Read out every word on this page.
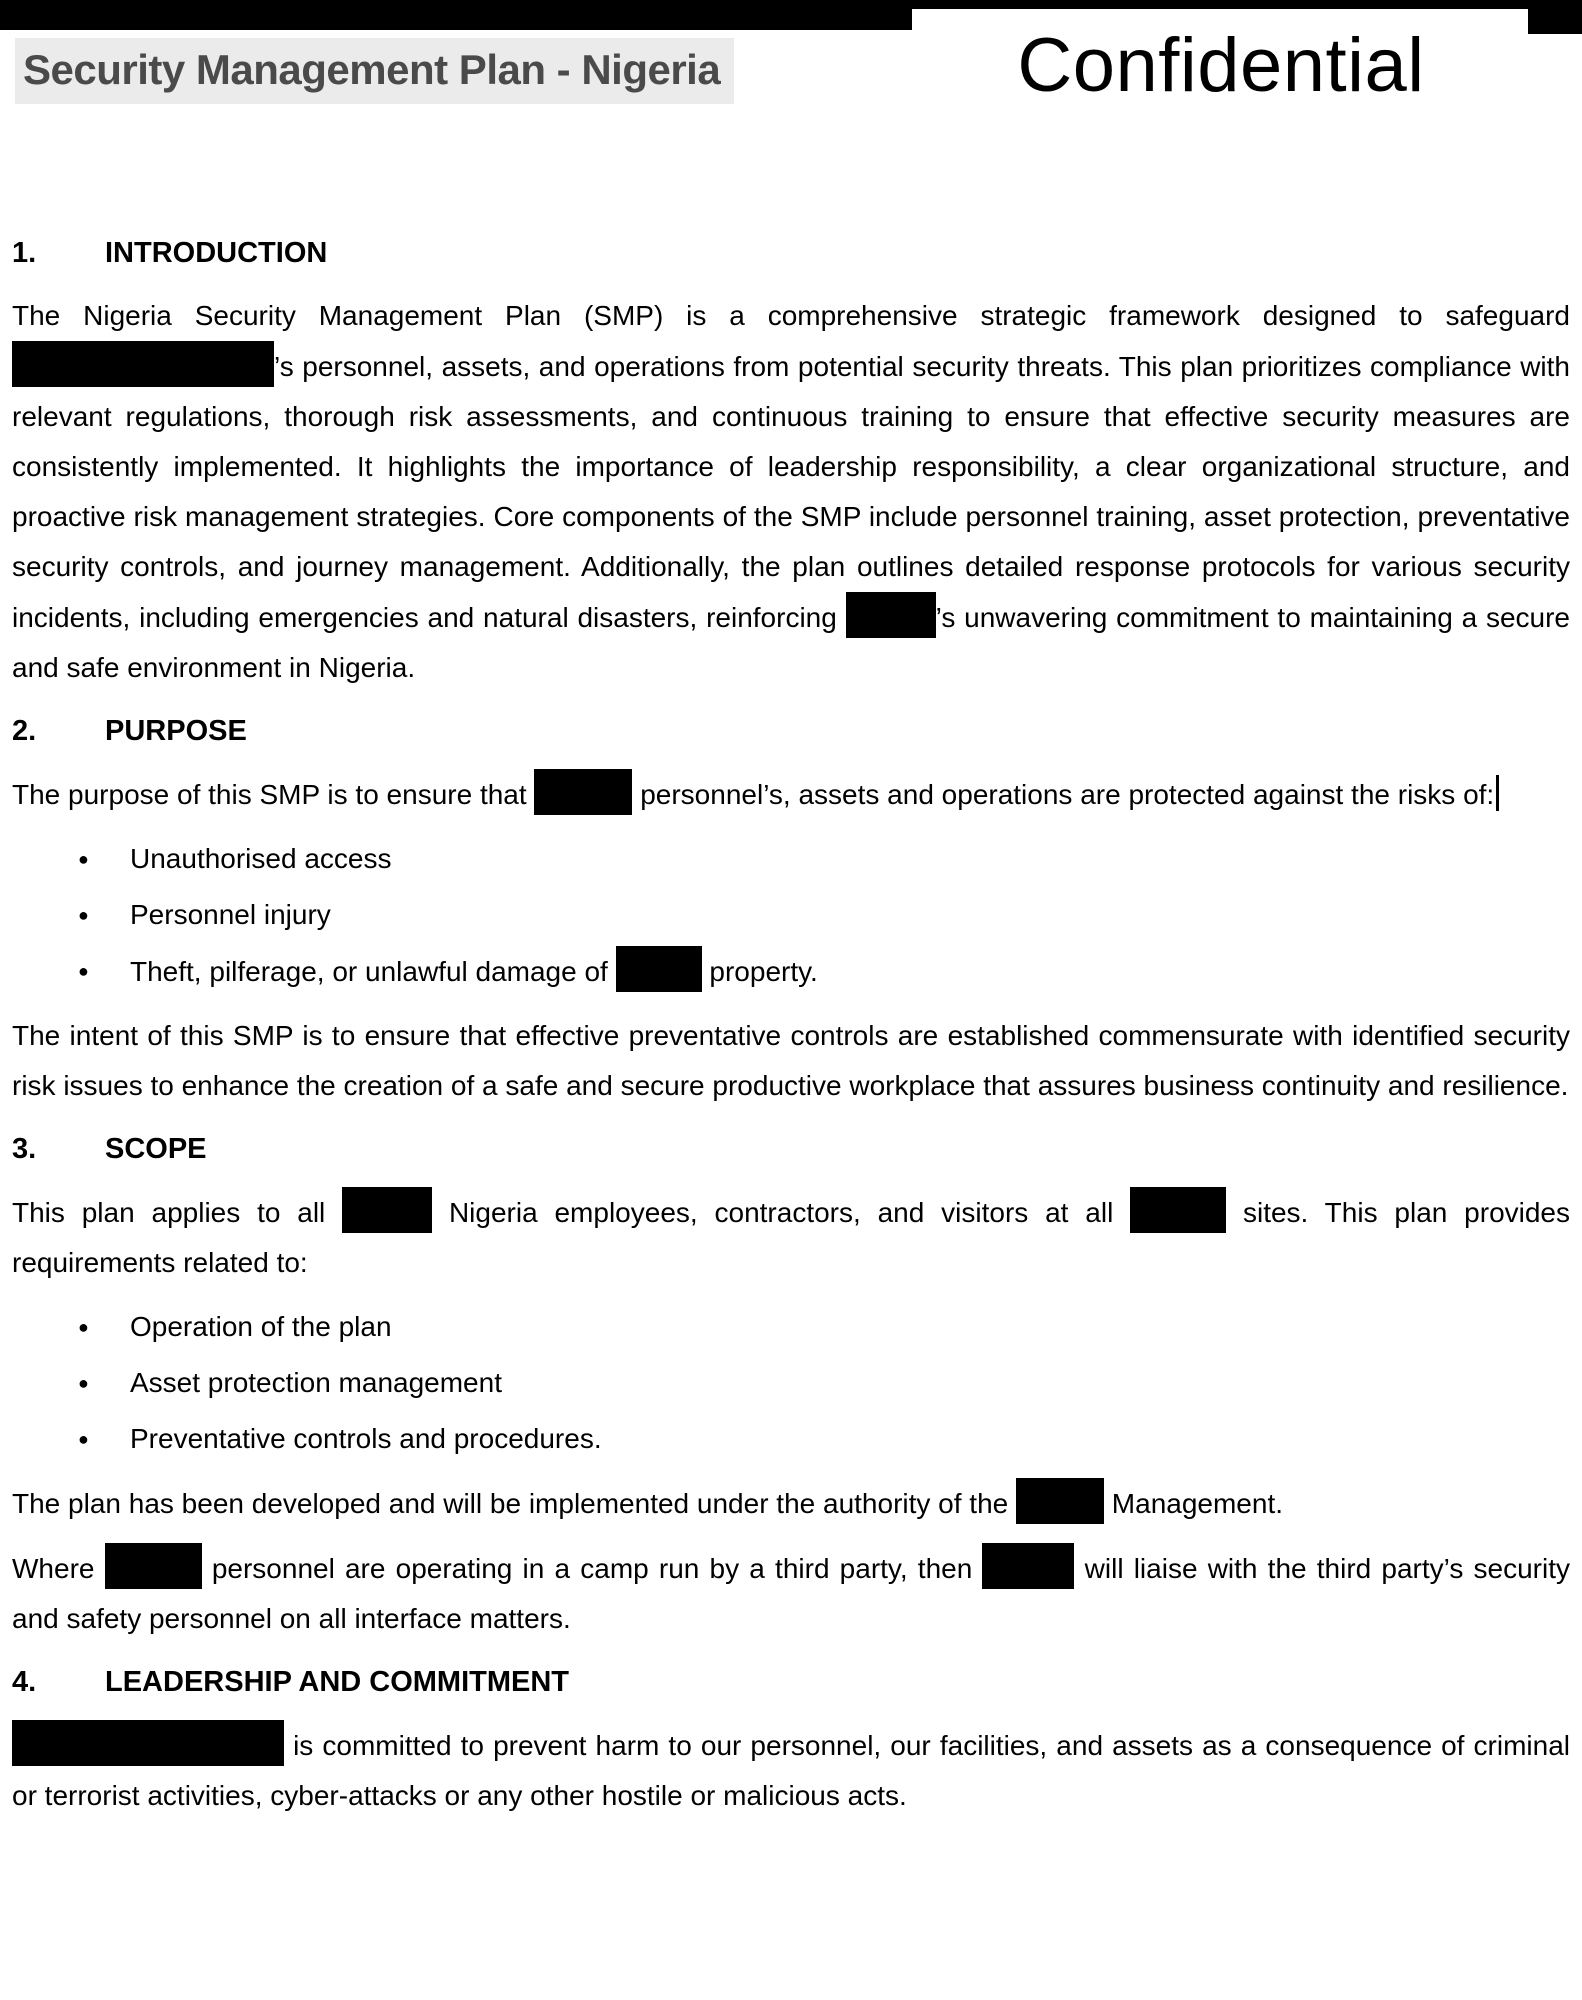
Confidential
Security Management Plan - Nigeria
1. INTRODUCTION

The Nigeria Security Management Plan (SMP) is a comprehensive strategic framework designed to safeguard ’s personnel, assets, and operations from potential security threats. This plan prioritizes compliance with relevant regulations, thorough risk assessments, and continuous training to ensure that effective security measures are consistently implemented. It highlights the importance of leadership responsibility, a clear organizational structure, and proactive risk management strategies. Core components of the SMP include personnel training, asset protection, preventative security controls, and journey management. Additionally, the plan outlines detailed response protocols for various security incidents, including emergencies and natural disasters, reinforcing	’s unwavering commitment to maintaining a secure and safe environment in Nigeria.

2. PURPOSE

The purpose of this SMP is to ensure that	personnel’s, assets and operations are protected against the risks of:

● Unauthorised access
● Personnel injury
● Theft, pilferage, or unlawful damage of	property.

The intent of this SMP is to ensure that effective preventative controls are established commensurate with identified security risk issues to enhance the creation of a safe and secure productive workplace that assures business continuity and resilience.

3. SCOPE

This plan applies to all	Nigeria employees, contractors, and visitors at all	sites. This plan provides requirements related to:

● Operation of the plan
● Asset protection management
● Preventative controls and procedures.

The plan has been developed and will be implemented under the authority of the	Management.

Where	personnel are operating in a camp run by a third party, then	will liaise with the third party’s security and safety personnel on all interface matters.

4. LEADERSHIP AND COMMITMENT

is committed to prevent harm to our personnel, our facilities, and assets as a consequence of criminal or terrorist activities, cyber-attacks or any other hostile or malicious acts.
